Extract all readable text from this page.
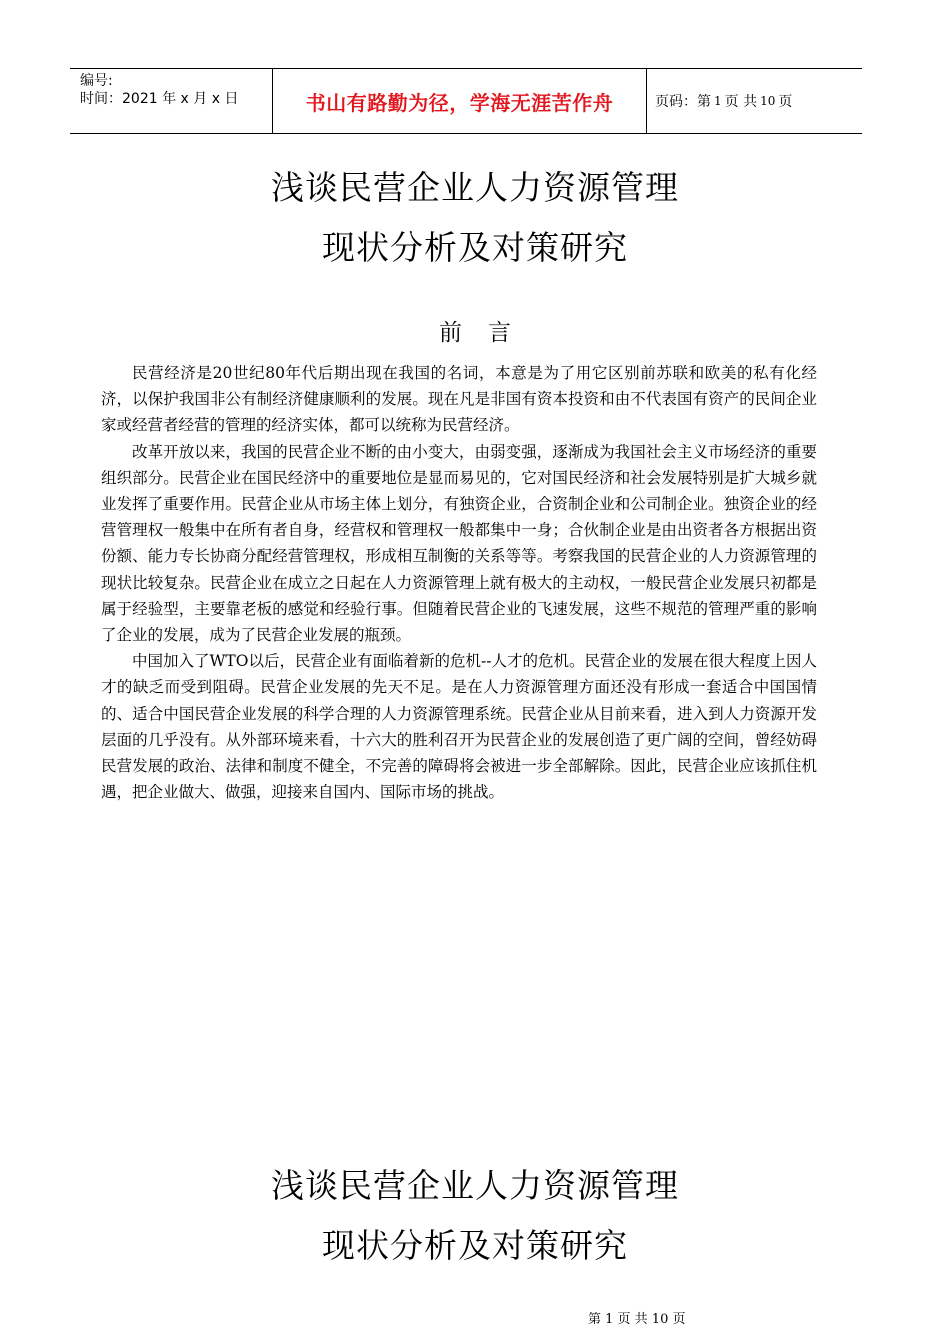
编号:
时间：2021 年 x 月 x 日	书山有路勤为径，学海无涯苦作舟	页码：第 1 页 共 10 页
浅谈民营企业人力资源管理
现状分析及对策研究
前 言

民营经济是20世纪80年代后期出现在我国的名词，本意是为了用它区别前苏联和欧美的私有化经济，以保护我国非公有制经济健康顺利的发展。现在凡是非国有资本投资和由不代表国有资产的民间企业家或经营者经营的管理的经济实体，都可以统称为民营经济。

改革开放以来，我国的民营企业不断的由小变大，由弱变强，逐渐成为我国社会主义市场经济的重要组织部分。民营企业在国民经济中的重要地位是显而易见的，它对国民经济和社会发展特别是扩大城乡就业发挥了重要作用。民营企业从市场主体上划分，有独资企业，合资制企业和公司制企业。独资企业的经营管理权一般集中在所有者自身，经营权和管理权一般都集中一身；合伙制企业是由出资者各方根据出资份额、能力专长协商分配经营管理权，形成相互制衡的关系等等。考察我国的民营企业的人力资源管理的现状比较复杂。民营企业在成立之日起在人力资源管理上就有极大的主动权，一般民营企业发展只初都是属于经验型，主要靠老板的感觉和经验行事。但随着民营企业的飞速发展，这些不规范的管理严重的影响了企业的发展，成为了民营企业发展的瓶颈。

中国加入了WTO以后，民营企业有面临着新的危机--人才的危机。民营企业的发展在很大程度上因人才的缺乏而受到阻碍。民营企业发展的先天不足。是在人力资源管理方面还没有形成一套适合中国国情的、适合中国民营企业发展的科学合理的人力资源管理系统。民营企业从目前来看，进入到人力资源开发层面的几乎没有。从外部环境来看，十六大的胜利召开为民营企业的发展创造了更广阔的空间，曾经妨碍民营发展的政治、法律和制度不健全，不完善的障碍将会被进一步全部解除。因此，民营企业应该抓住机遇，把企业做大、做强，迎接来自国内、国际市场的挑战。

浅谈民营企业人力资源管理
现状分析及对策研究
第 1 页 共 10 页
